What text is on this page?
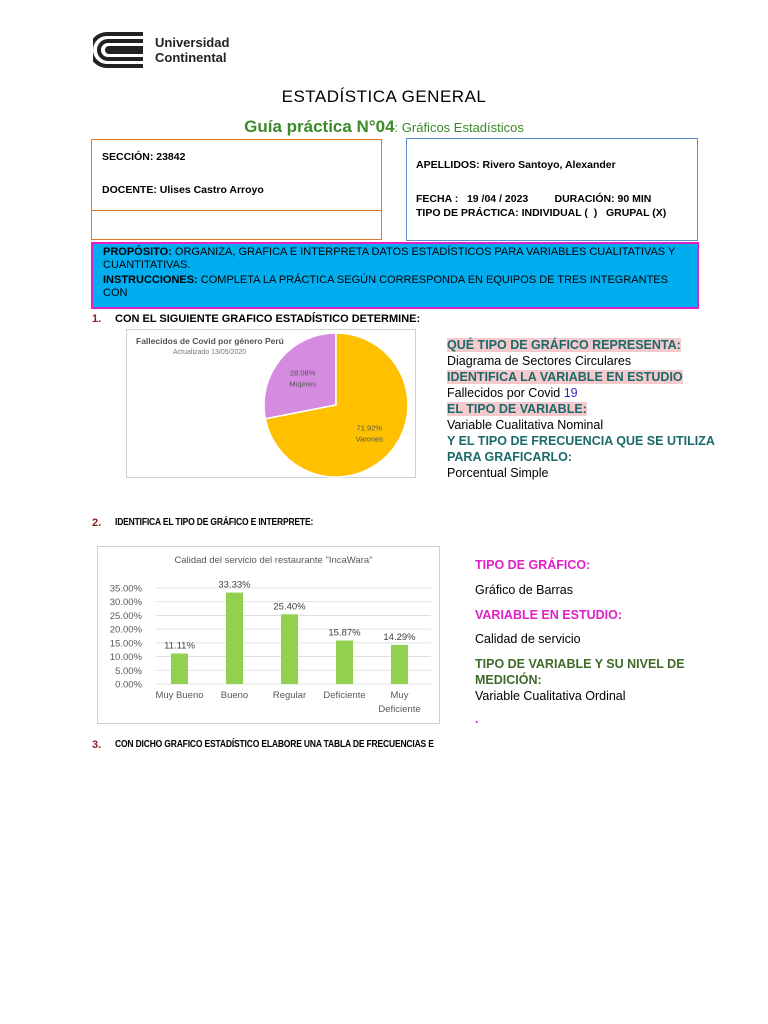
Universidad
Continental
ESTADÍSTICA GENERAL
Guía práctica N°04: Gráficos Estadísticos
SECCIÓN: 23842
DOCENTE: Ulises Castro Arroyo
APELLIDOS: Rivero Santoyo, Alexander
FECHA :   19 /04 / 2023         DURACIÓN: 90 MIN
TIPO DE PRÁCTICA: INDIVIDUAL (  )   GRUPAL (X)
PROPÓSITO: ORGANIZA, GRAFICA E INTERPRETA DATOS ESTADÍSTICOS PARA VARIABLES CUALITATIVAS Y CUANTITATIVAS.
INSTRUCCIONES: COMPLETA LA PRÁCTICA SEGÚN CORRESPONDA EN EQUIPOS DE TRES INTEGRANTES CON
1. CON EL SIGUIENTE GRAFICO ESTADÍSTICO DETERMINE:
Fallecidos de Covid por género Perú
Actualizado 13/05/2020
28.08%
Mujeres
71.92%
Varones
QUÉ TIPO DE GRÁFICO REPRESENTA:
Diagrama de Sectores Circulares
IDENTIFICA LA VARIABLE EN ESTUDIO
Fallecidos por Covid 19
EL TIPO DE VARIABLE:
Variable Cualitativa Nominal
Y EL TIPO DE FRECUENCIA QUE SE UTILIZA
PARA GRAFICARLO:
Porcentual Simple
2. IDENTIFICA EL TIPO DE GRÁFICO E INTERPRETE:
Calidad del servicio del restaurante "IncaWara"
0.00%
5.00%
10.00%
15.00%
20.00%
25.00%
30.00%
35.00%
11.11%
Muy Bueno
33.33%
Bueno
25.40%
Regular
15.87%
Deficiente
14.29%
Muy Deficiente
TIPO DE GRÁFICO:
Gráfico de Barras
VARIABLE EN ESTUDIO:
Calidad de servicio
TIPO DE VARIABLE Y SU NIVEL DE
MEDICIÓN:
Variable Cualitativa Ordinal
.
3. CON DICHO GRAFICO ESTADÍSTICO ELABORE UNA TABLA DE FRECUENCIAS E
